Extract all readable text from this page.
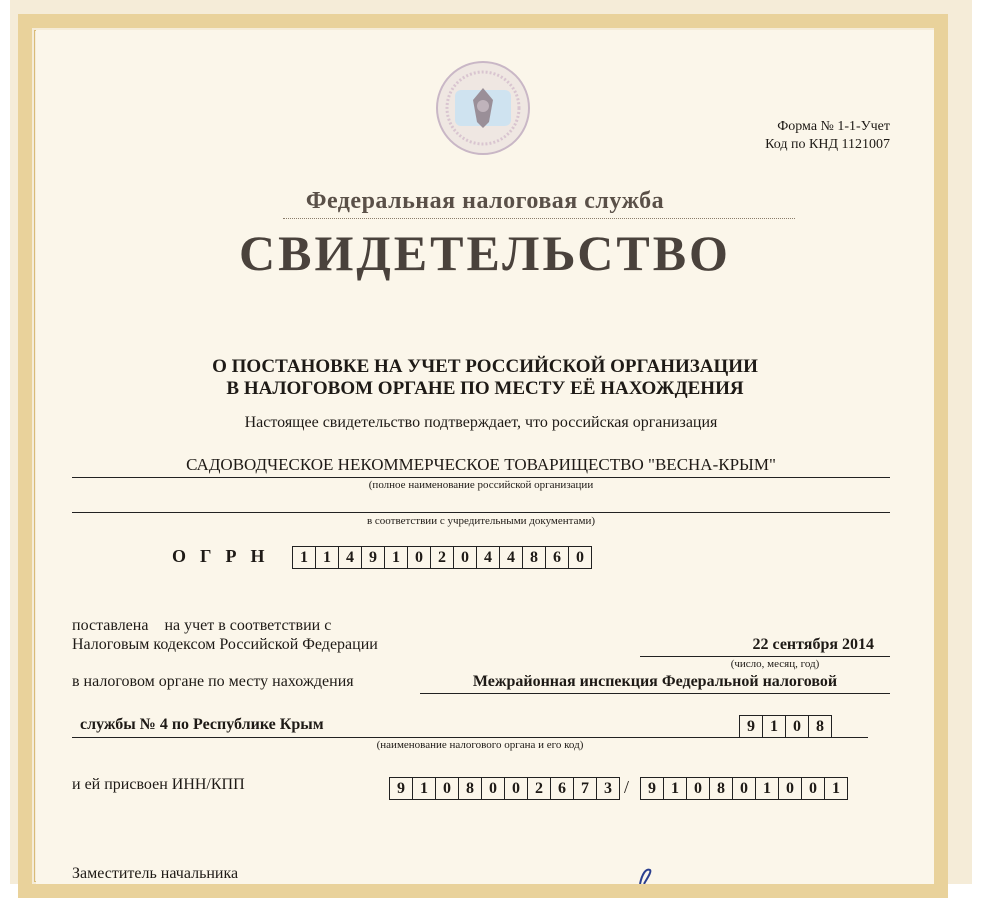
Форма № 1-1-Учет
Код по КНД 1121007
Федеральная налоговая служба
СВИДЕТЕЛЬСТВО
О ПОСТАНОВКЕ НА УЧЕТ РОССИЙСКОЙ ОРГАНИЗАЦИИ
В НАЛОГОВОМ ОРГАНЕ ПО МЕСТУ ЕЁ НАХОЖДЕНИЯ
Настоящее свидетельство подтверждает, что российская организация
САДОВОДЧЕСКОЕ НЕКОММЕРЧЕСКОЕ ТОВАРИЩЕСТВО "ВЕСНА-КРЫМ"
(полное наименование российской организации
в соответствии с учредительными документами)
ОГРН	1 1 4 9 1 0 2 0 4 4 8 6 0
поставлена    на учет в соответствии с
Налоговым кодексом Российской Федерации	22 сентября 2014
(число, месяц, год)
в налоговом органе по месту нахождения	Межрайонная инспекция Федеральной налоговой
службы № 4 по Республике Крым	9 1 0 8
(наименование налогового органа и его код)
и ей присвоен ИНН/КПП	9 1 0 8 0 0 2 6 7 3 /	9 1 0 8 0 1 0 0 1
Заместитель начальника
